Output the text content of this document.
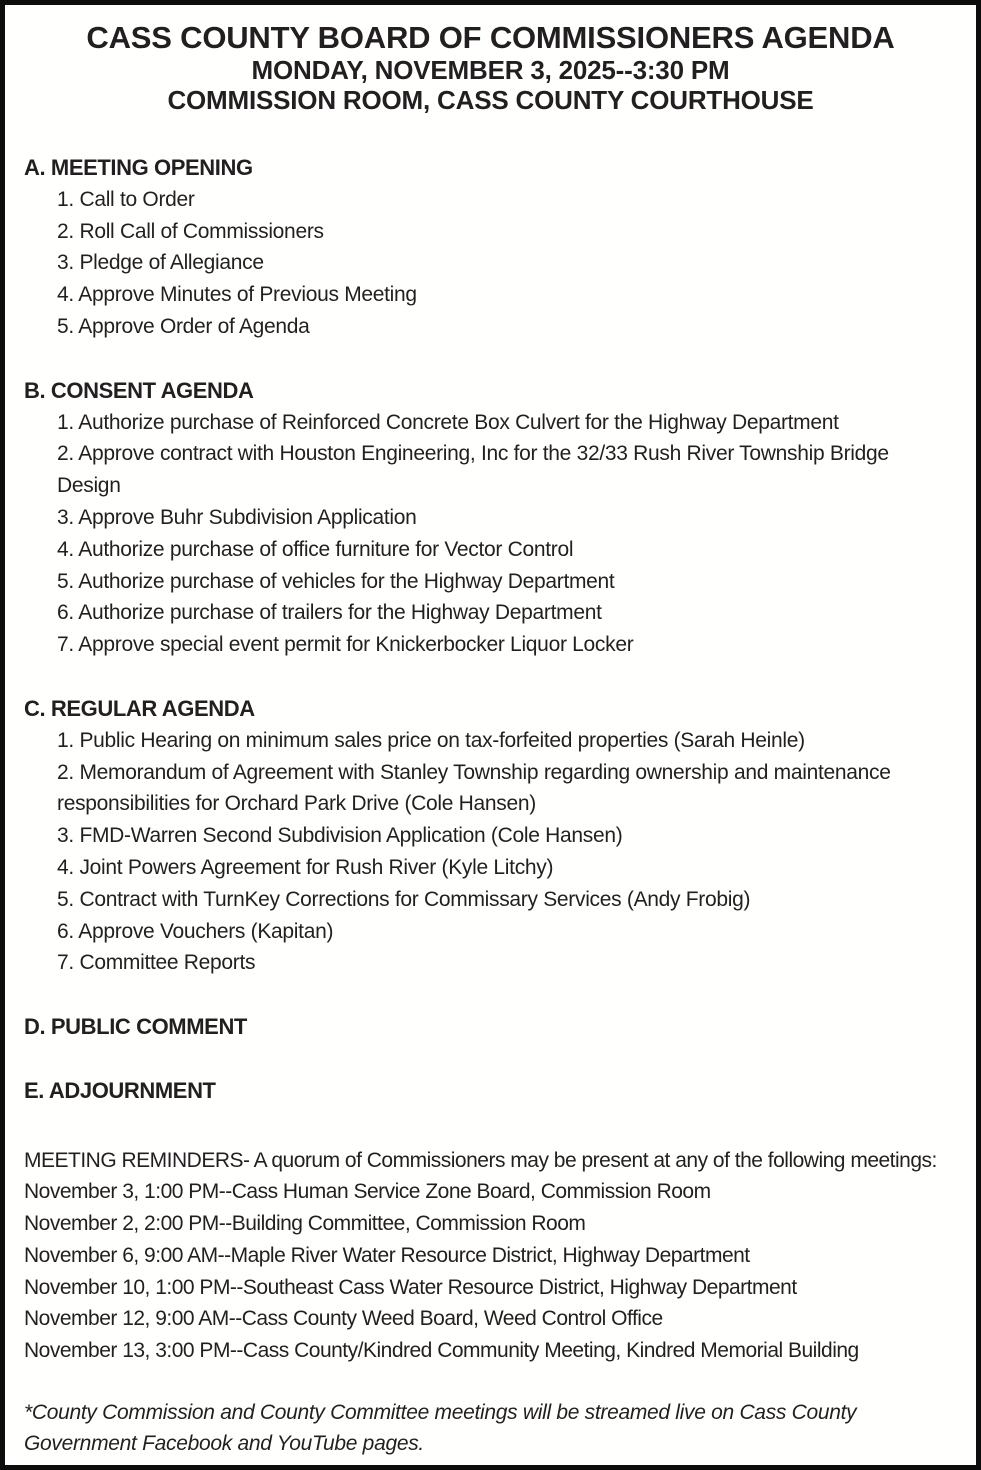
CASS COUNTY BOARD OF COMMISSIONERS AGENDA
MONDAY, NOVEMBER 3, 2025--3:30 PM
COMMISSION ROOM, CASS COUNTY COURTHOUSE
A. MEETING OPENING
1. Call to Order
2. Roll Call of Commissioners
3. Pledge of Allegiance
4. Approve Minutes of Previous Meeting
5. Approve Order of Agenda
B. CONSENT AGENDA
1. Authorize purchase of Reinforced Concrete Box Culvert for the Highway Department
2. Approve contract with Houston Engineering, Inc for the 32/33 Rush River Township Bridge Design
3. Approve Buhr Subdivision Application
4. Authorize purchase of office furniture for Vector Control
5. Authorize purchase of vehicles for the Highway Department
6. Authorize purchase of trailers for the Highway Department
7. Approve special event permit for Knickerbocker Liquor Locker
C. REGULAR AGENDA
1. Public Hearing on minimum sales price on tax-forfeited properties (Sarah Heinle)
2. Memorandum of Agreement with Stanley Township regarding ownership and maintenance responsibilities for Orchard Park Drive (Cole Hansen)
3. FMD-Warren Second Subdivision Application (Cole Hansen)
4. Joint Powers Agreement for Rush River (Kyle Litchy)
5. Contract with TurnKey Corrections for Commissary Services (Andy Frobig)
6. Approve Vouchers (Kapitan)
7. Committee Reports
D. PUBLIC COMMENT
E. ADJOURNMENT
MEETING REMINDERS- A quorum of Commissioners may be present at any of the following meetings:
November 3, 1:00 PM--Cass Human Service Zone Board, Commission Room
November 2, 2:00 PM--Building Committee, Commission Room
November 6, 9:00 AM--Maple River Water Resource District, Highway Department
November 10, 1:00 PM--Southeast Cass Water Resource District, Highway Department
November 12, 9:00 AM--Cass County Weed Board, Weed Control Office
November 13, 3:00 PM--Cass County/Kindred Community Meeting, Kindred Memorial Building
*County Commission and County Committee meetings will be streamed live on Cass County Government Facebook and YouTube pages.
